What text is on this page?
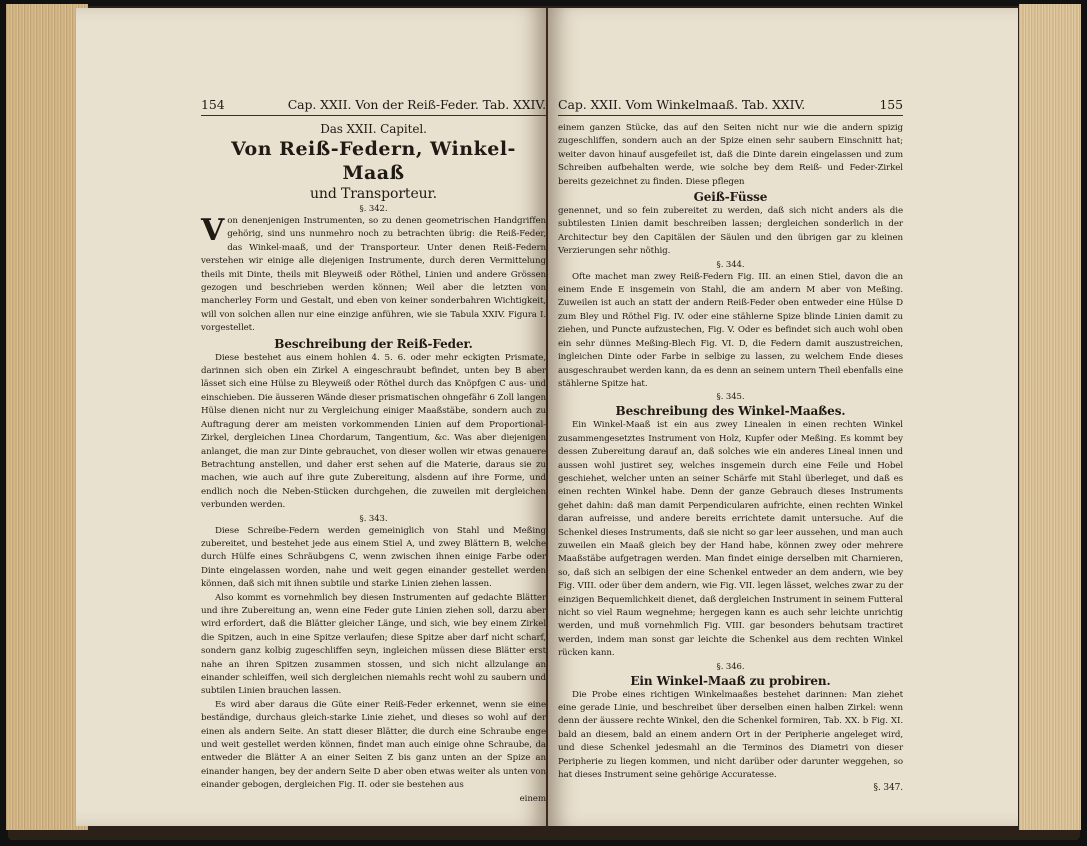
154	Cap. XXII. Von der Reiß-Feder. Tab. XXIV.

Das XXII. Capitel.

Von Reiß-Federn, Winkel-Maaß

und Transporteur.

§. 342.

Von denenjenigen Instrumenten, so zu denen geometrischen Handgriffen gehörig, sind uns nunmehro noch zu betrachten übrig: die Reiß-Feder, das Winkel-maaß, und der Transporteur. Unter denen Reiß-Federn verstehen wir einige alle diejenigen Instrumente, durch deren Vermittelung theils mit Dinte, theils mit Bleyweiß oder Röthel, Linien und andere Grössen gezogen und beschrieben werden können; Weil aber die letzten von mancherley Form und Gestalt, und eben von keiner sonderbahren Wichtigkeit, will von solchen allen nur eine einzige anführen, wie sie Tabula XXIV. Figura I. vorgestellet.

Beschreibung der Reiß-Feder.

Diese bestehet aus einem hohlen 4. 5. 6. oder mehr eckigten Prismate, darinnen sich oben ein Zirkel A eingeschraubt befindet, unten bey B aber lässet sich eine Hülse zu Bleyweiß oder Röthel durch das Knöpfgen C aus- und einschieben. Die äusseren Wände dieser prismatischen ohngefähr 6 Zoll langen Hülse dienen nicht nur zu Vergleichung einiger Maaßstäbe, sondern auch zu Auftragung derer am meisten vorkommenden Linien auf dem Proportional-Zirkel, dergleichen Linea Chordarum, Tangentium, &c. Was aber diejenigen anlanget, die man zur Dinte gebrauchet, von dieser wollen wir etwas genauere Betrachtung anstellen, und daher erst sehen auf die Materie, daraus sie zu machen, wie auch auf ihre gute Zubereitung, alsdenn auf ihre Forme, und endlich noch die Neben-Stücken durchgehen, die zuweilen mit dergleichen verbunden werden.

§. 343.

Diese Schreibe-Federn werden gemeiniglich von Stahl und Meßing zubereitet, und bestehet jede aus einem Stiel A, und zwey Blättern B, welche durch Hülfe eines Schräubgens C, wenn zwischen ihnen einige Farbe oder Dinte eingelassen worden, nahe und weit gegen einander gestellet werden können, daß sich mit ihnen subtile und starke Linien ziehen lassen.

Also kommt es vornehmlich bey diesen Instrumenten auf gedachte Blätter und ihre Zubereitung an, wenn eine Feder gute Linien ziehen soll, darzu aber wird erfordert, daß die Blätter gleicher Länge, und sich, wie bey einem Zirkel die Spitzen, auch in eine Spitze verlaufen; diese Spitze aber darf nicht scharf, sondern ganz kolbig zugeschliffen seyn, ingleichen müssen diese Blätter erst nahe an ihren Spitzen zusammen stossen, und sich nicht allzulange an einander schleiffen, weil sich dergleichen niemahls recht wohl zu saubern und subtilen Linien brauchen lassen.

Es wird aber daraus die Güte einer Reiß-Feder erkennet, wenn sie eine beständige, durchaus gleich-starke Linie ziehet, und dieses so wohl auf der einen als andern Seite. An statt dieser Blätter, die durch eine Schraube enge und weit gestellet werden können, findet man auch einige ohne Schraube, da entweder die Blätter A an einer Seiten Z bis ganz unten an der Spize an einander hangen, bey der andern Seite D aber oben etwas weiter als unten von einander gebogen, dergleichen Fig. II. oder sie bestehen aus

einem

Cap. XXII. Vom Winkelmaaß. Tab. XXIV.	155

einem ganzen Stücke, das auf den Seiten nicht nur wie die andern spizig zugeschliffen, sondern auch an der Spize einen sehr saubern Einschnitt hat; weiter davon hinauf ausgefeilet ist, daß die Dinte darein eingelassen und zum Schreiben aufbehalten werde, wie solche bey dem Reiß- und Feder-Zirkel bereits gezeichnet zu finden. Diese pflegen

Geiß-Füsse

genennet, und so fein zubereitet zu werden, daß sich nicht anders als die subtilesten Linien damit beschreiben lassen; dergleichen sonderlich in der Architectur bey den Capitälen der Säulen und den übrigen gar zu kleinen Verzierungen sehr nöthig.

§. 344.

Ofte machet man zwey Reiß-Federn Fig. III. an einen Stiel, davon die an einem Ende E insgemein von Stahl, die am andern M aber von Meßing. Zuweilen ist auch an statt der andern Reiß-Feder oben entweder eine Hülse D zum Bley und Röthel Fig. IV. oder eine stählerne Spize blinde Linien damit zu ziehen, und Puncte aufzustechen, Fig. V. Oder es befindet sich auch wohl oben ein sehr dünnes Meßing-Blech Fig. VI. D, die Federn damit auszustreichen, ingleichen Dinte oder Farbe in selbige zu lassen, zu welchem Ende dieses ausgeschraubet werden kann, da es denn an seinem untern Theil ebenfalls eine stählerne Spitze hat.

§. 345.

Beschreibung des Winkel-Maaßes.

Ein Winkel-Maaß ist ein aus zwey Linealen in einen rechten Winkel zusammengesetztes Instrument von Holz, Kupfer oder Meßing. Es kommt bey dessen Zubereitung darauf an, daß solches wie ein anderes Lineal innen und aussen wohl justiret sey, welches insgemein durch eine Feile und Hobel geschiehet, welcher unten an seiner Schärfe mit Stahl überleget, und daß es einen rechten Winkel habe. Denn der ganze Gebrauch dieses Instruments gehet dahin: daß man damit Perpendicularen aufrichte, einen rechten Winkel daran aufreisse, und andere bereits errichtete damit untersuche. Auf die Schenkel dieses Instruments, daß sie nicht so gar leer aussehen, und man auch zuweilen ein Maaß gleich bey der Hand habe, können zwey oder mehrere Maaßstäbe aufgetragen werden. Man findet einige derselben mit Charnieren, so, daß sich an selbigen der eine Schenkel entweder an dem andern, wie bey Fig. VIII. oder über dem andern, wie Fig. VII. legen lässet, welches zwar zu der einzigen Bequemlichkeit dienet, daß dergleichen Instrument in seinem Futteral nicht so viel Raum wegnehme; hergegen kann es auch sehr leichte unrichtig werden, und muß vornehmlich Fig. VIII. gar besonders behutsam tractiret werden, indem man sonst gar leichte die Schenkel aus dem rechten Winkel rücken kann.

§. 346.

Ein Winkel-Maaß zu probiren.

Die Probe eines richtigen Winkelmaaßes bestehet darinnen: Man ziehet eine gerade Linie, und beschreibet über derselben einen halben Zirkel: wenn denn der äussere rechte Winkel, den die Schenkel formiren, Tab. XX. b Fig. XI. bald an diesem, bald an einem andern Ort in der Peripherie angeleget wird, und diese Schenkel jedesmahl an die Terminos des Diametri von dieser Peripherie zu liegen kommen, und nicht darüber oder darunter weggehen, so hat dieses Instrument seine gehörige Accuratesse.

§. 347.
